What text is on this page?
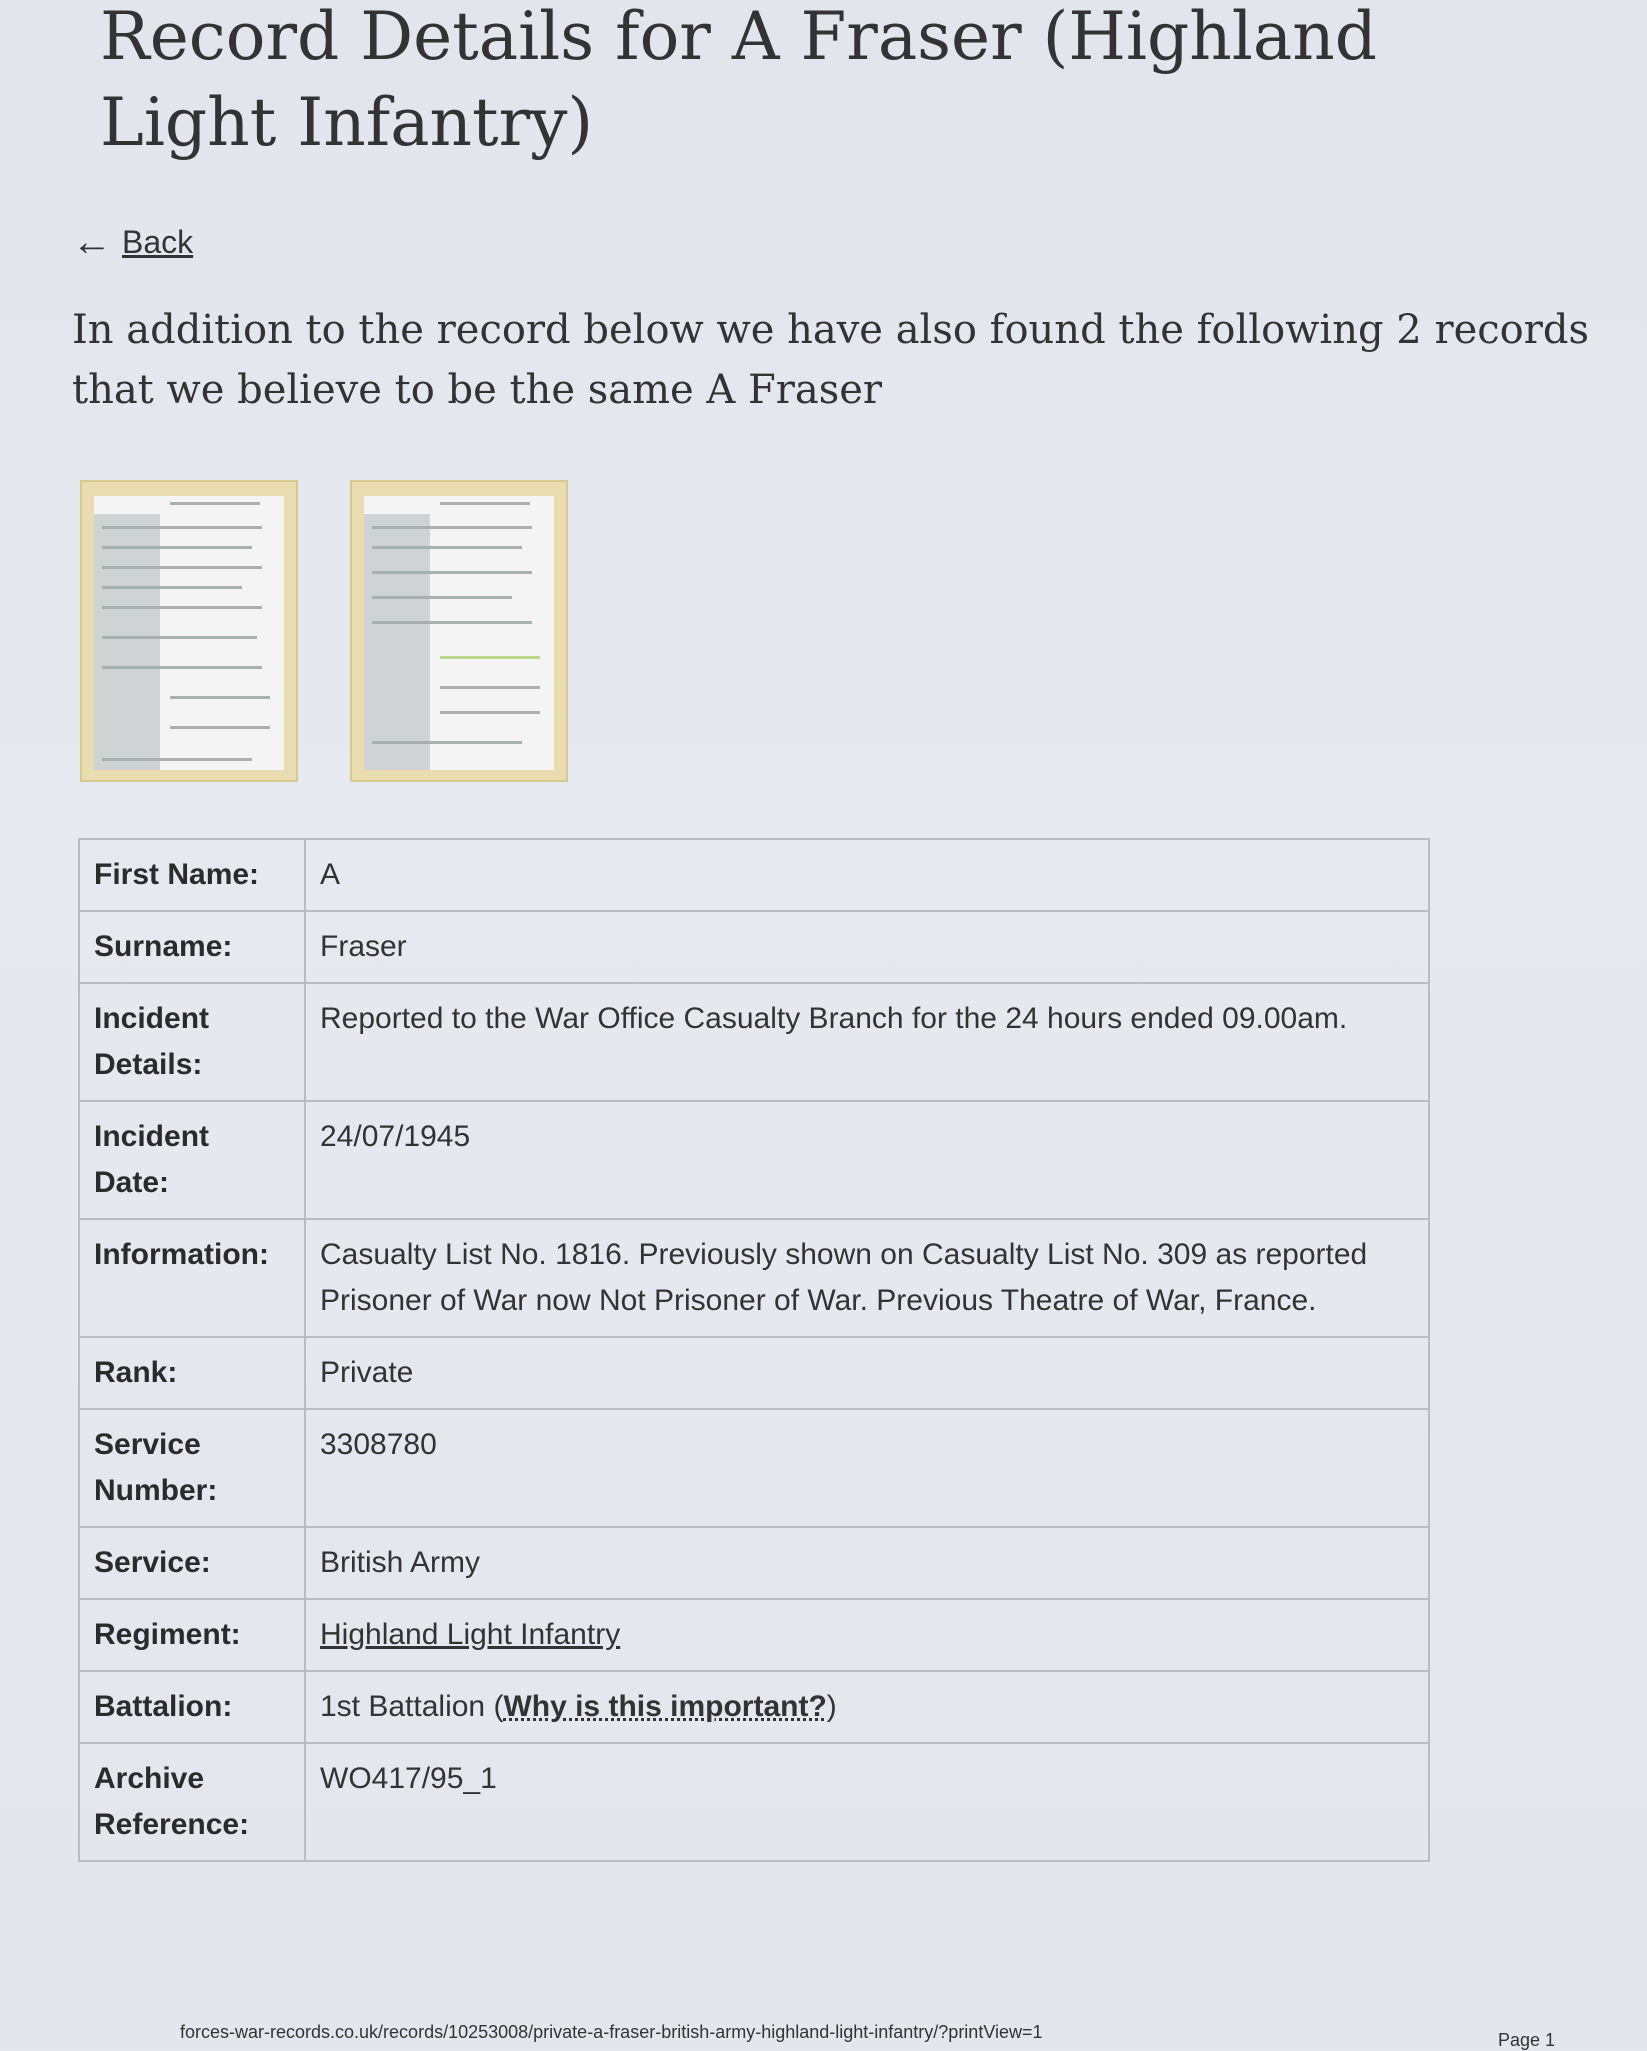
Record Details for A Fraser (Highland Light Infantry)
← Back

In addition to the record below we have also found the following 2 records that we believe to be the same A Fraser

First Name:	A
Surname:	Fraser
Incident Details:	Reported to the War Office Casualty Branch for the 24 hours ended 09.00am.
Incident Date:	24/07/1945
Information:	Casualty List No. 1816. Previously shown on Casualty List No. 309 as reported Prisoner of War now Not Prisoner of War. Previous Theatre of War, France.
Rank:	Private
Service Number:	3308780
Service:	British Army
Regiment:	Highland Light Infantry
Battalion:	1st Battalion (Why is this important?)
Archive Reference:	WO417/95_1
forces-war-records.co.uk/records/10253008/private-a-fraser-british-army-highland-light-infantry/?printView=1	Page 1
